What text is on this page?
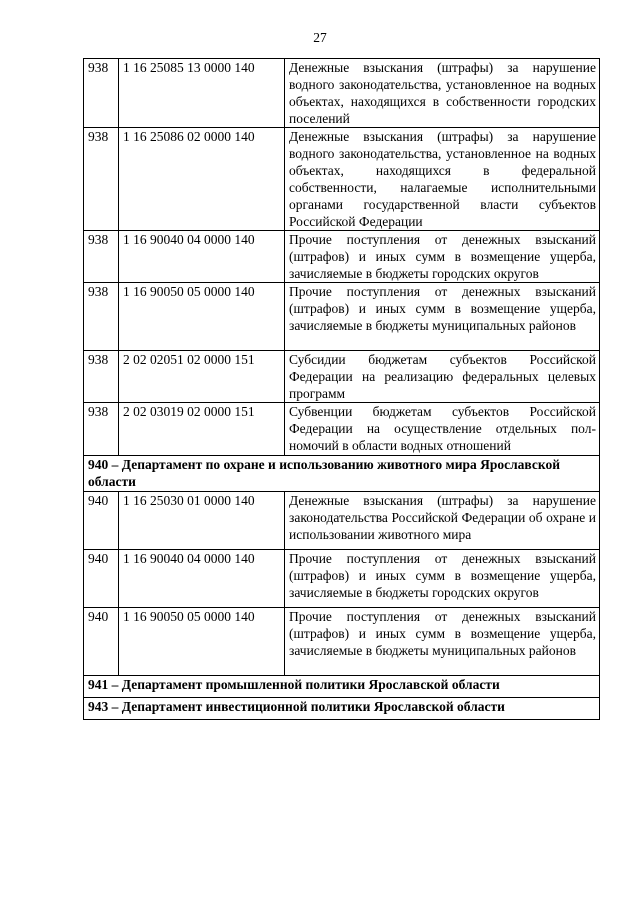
27
938	1 16 25085 13 0000 140	Денежные взыскания (штрафы) за нарушение водного законодательства, установленное на водных объектах, находящихся в собственности городских поселений
938	1 16 25086 02 0000 140	Денежные взыскания (штрафы) за нарушение водного законодательства, установленное на водных объектах, находящихся в федеральной собственности, налагаемые исполнительными органами государственной власти субъектов Российской Федерации
938	1 16 90040 04 0000 140	Прочие поступления от денежных взысканий (штрафов) и иных сумм в возмещение ущерба, зачисляемые в бюджеты городских округов
938	1 16 90050 05 0000 140	Прочие поступления от денежных взысканий (штрафов) и иных сумм в возмещение ущерба, зачисляемые в бюджеты муниципальных районов
938	2 02 02051 02 0000 151	Субсидии бюджетам субъектов Российской Федерации на реализацию федеральных целевых программ
938	2 02 03019 02 0000 151	Субвенции бюджетам субъектов Российской Федерации на осуществление отдельных полномочий в области водных отношений
940 – Департамент по охране и использованию животного мира Ярославской области		
940	1 16 25030 01 0000 140	Денежные взыскания (штрафы) за нарушение законодательства Российской Федерации об охране и использовании животного мира
940	1 16 90040 04 0000 140	Прочие поступления от денежных взысканий (штрафов) и иных сумм в возмещение ущерба, зачисляемые в бюджеты городских округов
940	1 16 90050 05 0000 140	Прочие поступления от денежных взысканий (штрафов) и иных сумм в возмещение ущерба, зачисляемые в бюджеты муниципальных районов
941 – Департамент промышленной политики Ярославской области		
943 – Департамент инвестиционной политики Ярославской области		
